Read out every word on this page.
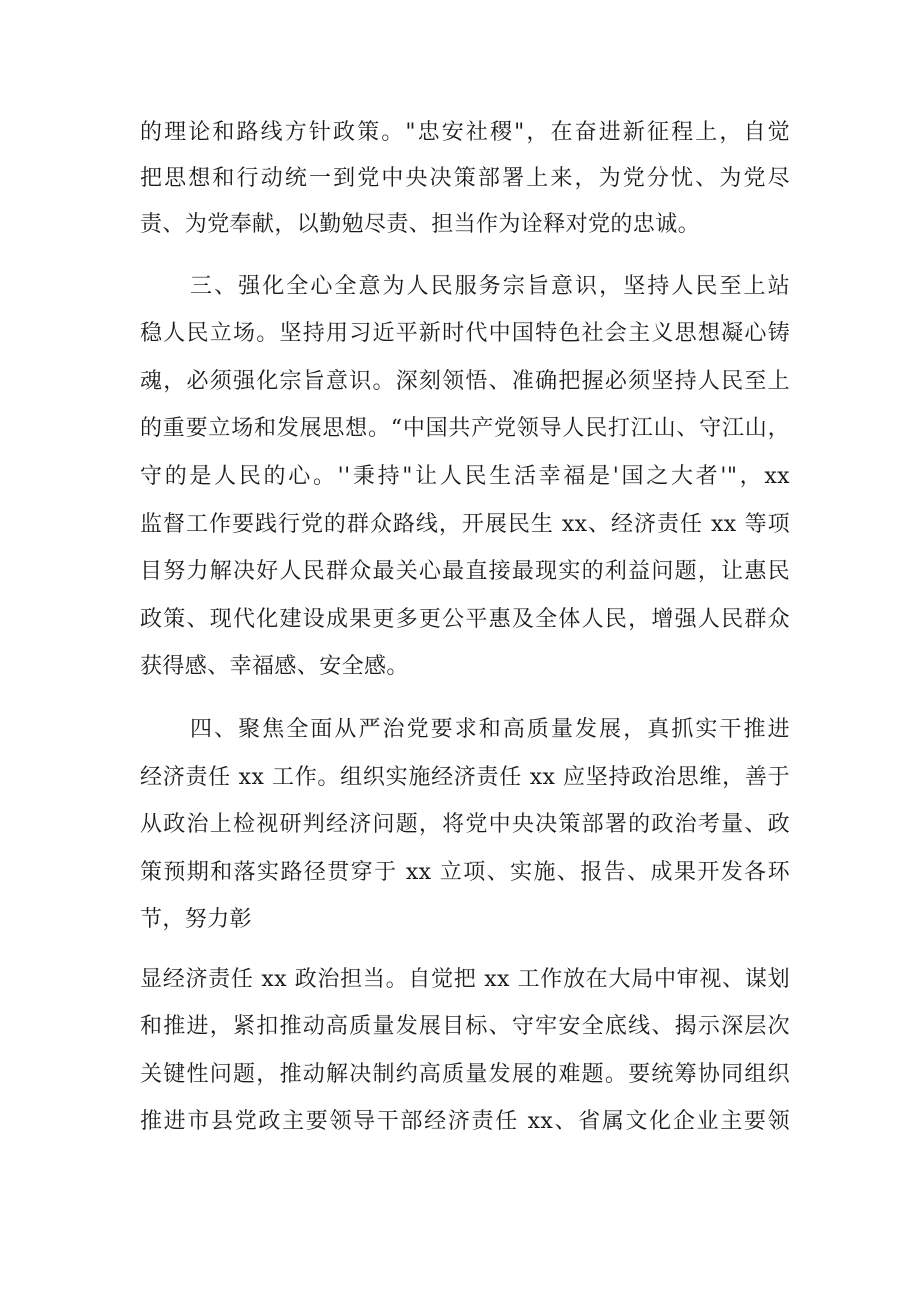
的理论和路线方针政策。"忠安社稷"，在奋进新征程上，自觉
把思想和行动统一到党中央决策部署上来，为党分忧、为党尽
责、为党奉献，以勤勉尽责、担当作为诠释对党的忠诚。
三、强化全心全意为人民服务宗旨意识，坚持人民至上站
稳人民立场。坚持用习近平新时代中国特色社会主义思想凝心铸
魂，必须强化宗旨意识。深刻领悟、准确把握必须坚持人民至上
的重要立场和发展思想。“中国共产党领导人民打江山、守江山，
守的是人民的心。''秉持"让人民生活幸福是'国之大者'"，xx
监督工作要践行党的群众路线，开展民生 xx、经济责任 xx 等项
目努力解决好人民群众最关心最直接最现实的利益问题，让惠民
政策、现代化建设成果更多更公平惠及全体人民，增强人民群众
获得感、幸福感、安全感。
四、聚焦全面从严治党要求和高质量发展，真抓实干推进
经济责任 xx 工作。组织实施经济责任 xx 应坚持政治思维，善于
从政治上检视研判经济问题，将党中央决策部署的政治考量、政
策预期和落实路径贯穿于 xx 立项、实施、报告、成果开发各环
节，努力彰
显经济责任 xx 政治担当。自觉把 xx 工作放在大局中审视、谋划
和推进，紧扣推动高质量发展目标、守牢安全底线、揭示深层次
关键性问题，推动解决制约高质量发展的难题。要统筹协同组织
推进市县党政主要领导干部经济责任 xx、省属文化企业主要领
